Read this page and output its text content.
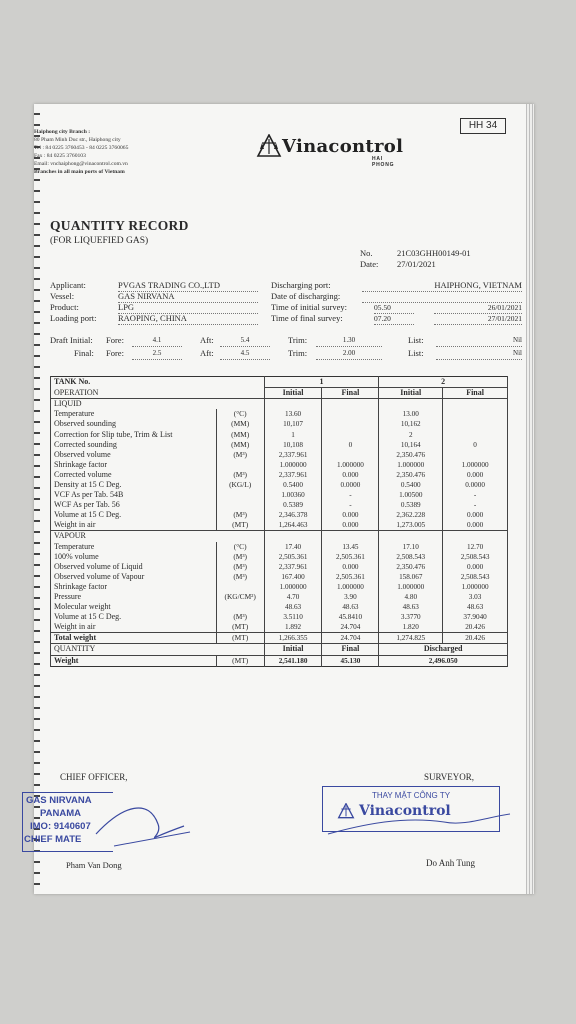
Haiphong city Branch :
80 Pham Minh Duc str., Haiphong city
Tel : 84 0225 3760453 - 84 0225 3760065
Fax : 84 0225 3760103
Email: vnchaiphong@vinacontrol.com.vn
Branches in all main ports of Vietnam
HH 34
Vinacontrol
HAI PHONG
QUANTITY RECORD
(FOR LIQUEFIED GAS)
No.	21C03GHH00149-01
Date: 27/01/2021
Applicant:	PVGAS TRADING CO.,LTD
Vessel:	GAS NIRVANA
Product:	LPG
Loading port:	RAOPING, CHINA
Discharging port:	HAIPHONG, VIETNAM
Date of discharging:
Time of initial survey:	05.50	26/01/2021
Time of final survey:	07.20	27/01/2021
Draft Initial: Fore:	4.1	Aft:	5.4	Trim:	1.30	List:	Nil
Final: Fore:	2.5	Aft:	4.5	Trim:	2.00	List:	Nil
TANK No.		1		2	
OPERATION		Initial	Final	Initial	Final
LIQUID					
Temperature	(°C)	13.60		13.00	
Observed sounding	(MM)	10,107		10,162	
Correction for Slip tube, Trim & List	(MM)	1		2	
Corrected sounding	(MM)	10,108	0	10,164	0
Observed volume	(M³)	2,337.961		2,350.476	
Shrinkage factor		1.000000	1.000000	1.000000	1.000000
Corrected volume	(M³)	2,337.961	0.000	2,350.476	0.000
Density at 15 C Deg.	(KG/L)	0.5400	0.0000	0.5400	0.0000
VCF As per Tab. 54B		1.00360	-	1.00500	-
WCF As per Tab. 56		0.5389	-	0.5389	-
Volume at 15 C Deg.	(M³)	2,346.378	0.000	2,362.228	0.000
Weight in air	(MT)	1,264.463	0.000	1,273.005	0.000
VAPOUR					
Temperature	(°C)	17.40	13.45	17.10	12.70
100% volume	(M³)	2,505.361	2,505.361	2,508.543	2,508.543
Observed volume of Liquid	(M³)	2,337.961	0.000	2,350.476	0.000
Observed volume of Vapour	(M³)	167.400	2,505.361	158.067	2,508.543
Shrinkage factor		1.000000	1.000000	1.000000	1.000000
Pressure	(KG/CM²)	4.70	3.90	4.80	3.03
Molecular weight		48.63	48.63	48.63	48.63
Volume at 15 C Deg.	(M³)	3.5110	45.8410	3.3770	37.9040
Weight in air	(MT)	1.892	24.704	1.820	20.426
Total weight	(MT)	1,266.355	24.704	1,274.825	20.426
QUANTITY		Initial	Final	Discharged	
Weight	(MT)	2,541.180	45.130	2,496.050	
CHIEF OFFICER,	SURVEYOR,
GAS NIRVANA
PANAMA
IMO: 9140607
CHIEF MATE
THAY MẶT CÔNG TY
Vinacontrol
Pham Van Dong	Do Anh Tung
